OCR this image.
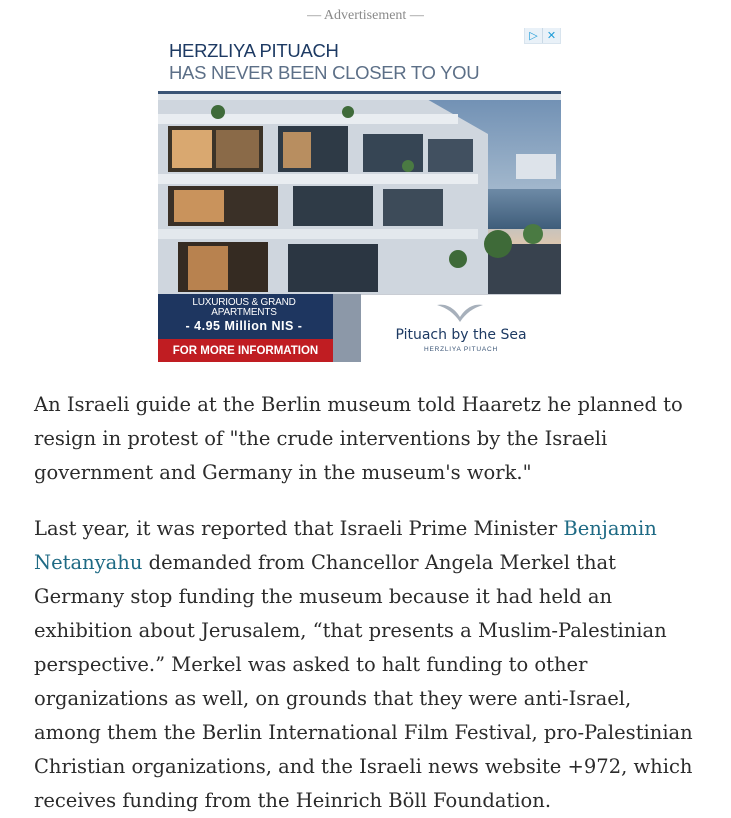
— Advertisement —
▷ ✕
HERZLIYA PITUACH
HAS NEVER BEEN CLOSER TO YOU
LUXURIOUS & GRAND
APARTMENTS
- 4.95 Million NIS -
FOR MORE INFORMATION
Pituach by the Sea
HERZLIYA PITUACH

An Israeli guide at the Berlin museum told Haaretz he planned to resign in protest of "the crude interventions by the Israeli government and Germany in the museum's work."

Last year, it was reported that Israeli Prime Minister Benjamin Netanyahu demanded from Chancellor Angela Merkel that Germany stop funding the museum because it had held an exhibition about Jerusalem, “that presents a Muslim-Palestinian perspective.” Merkel was asked to halt funding to other organizations as well, on grounds that they were anti-Israel, among them the Berlin International Film Festival, pro-Palestinian Christian organizations, and the Israeli news website +972, which receives funding from the Heinrich Böll Foundation.
